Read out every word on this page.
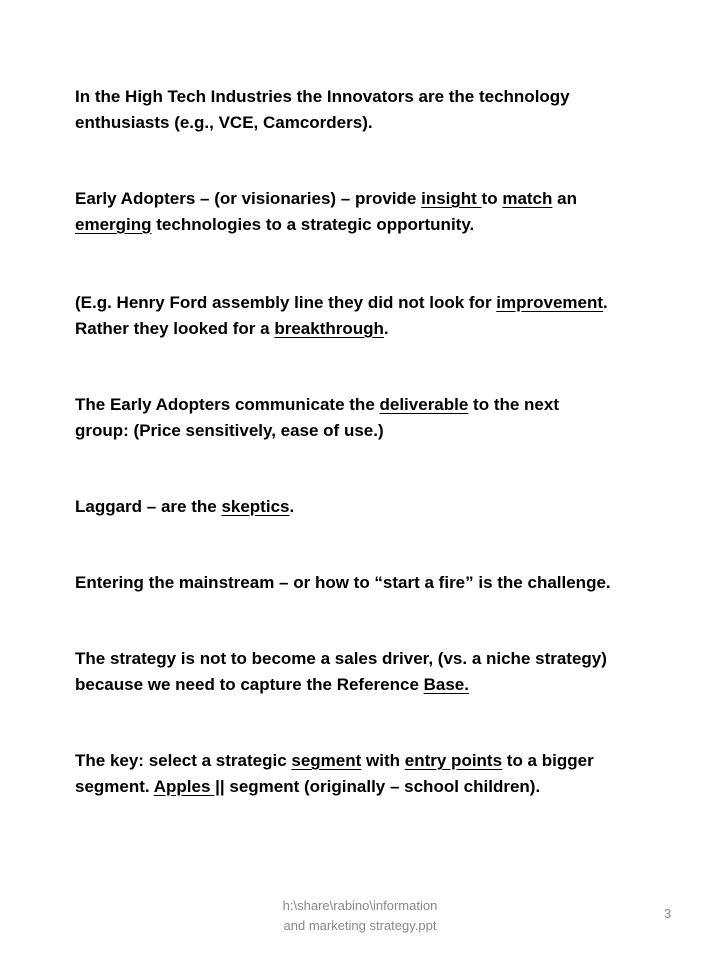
In the High Tech Industries the Innovators are the technology
enthusiasts (e.g., VCE, Camcorders).
Early Adopters – (or visionaries) – provide insight to match an
emerging technologies to a strategic opportunity.
(E.g. Henry Ford assembly line they did not look for improvement.
Rather they looked for a breakthrough.
The Early Adopters communicate the deliverable to the next
group: (Price sensitively, ease of use.)
Laggard – are the skeptics.
Entering the mainstream – or how to “start a fire” is the challenge.
The strategy is not to become a sales driver, (vs. a niche strategy)
because we need to capture the Reference Base.
The key: select a strategic segment with entry points to a bigger
segment. Apples || segment (originally – school children).
h:\share\rabino\information
and marketing strategy.ppt
3
